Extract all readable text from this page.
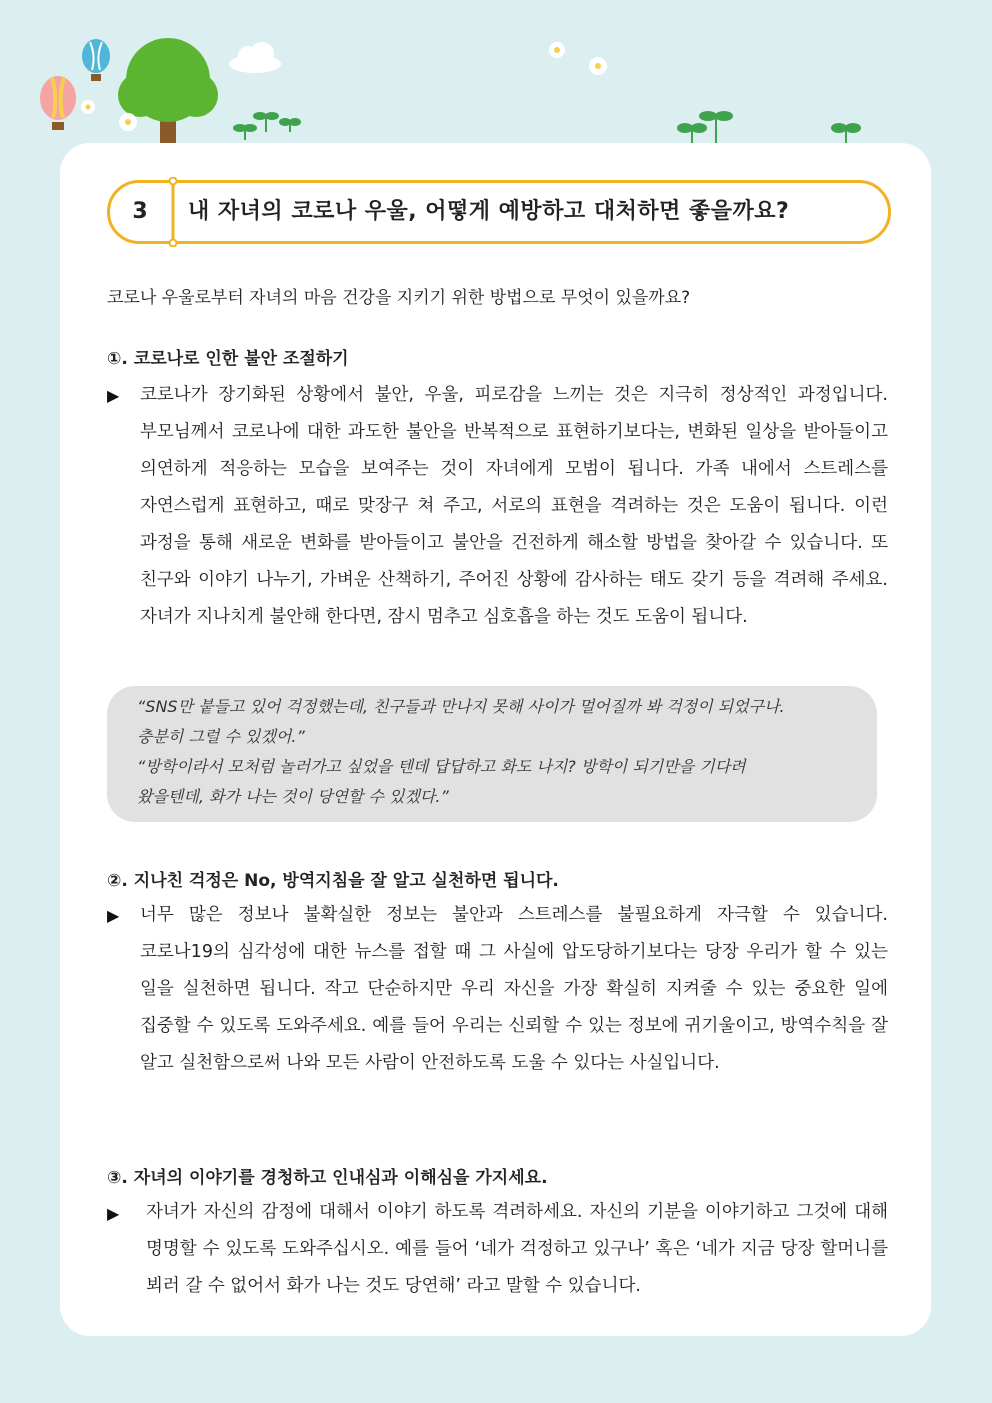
3	내 자녀의 코로나 우울, 어떻게 예방하고 대처하면 좋을까요?
코로나 우울로부터 자녀의 마음 건강을 지키기 위한 방법으로 무엇이 있을까요?
①. 코로나로 인한 불안 조절하기
▶ 코로나가 장기화된 상황에서 불안, 우울, 피로감을 느끼는 것은 지극히 정상적인 과정입니다. 부모님께서 코로나에 대한 과도한 불안을 반복적으로 표현하기보다는, 변화된 일상을 받아들이고 의연하게 적응하는 모습을 보여주는 것이 자녀에게 모범이 됩니다. 가족 내에서 스트레스를 자연스럽게 표현하고, 때로 맞장구 쳐 주고, 서로의 표현을 격려하는 것은 도움이 됩니다. 이런 과정을 통해 새로운 변화를 받아들이고 불안을 건전하게 해소할 방법을 찾아갈 수 있습니다. 또 친구와 이야기 나누기, 가벼운 산책하기, 주어진 상황에 감사하는 태도 갖기 등을 격려해 주세요. 자녀가 지나치게 불안해 한다면, 잠시 멈추고 심호흡을 하는 것도 도움이 됩니다.
“SNS만 붙들고 있어 걱정했는데, 친구들과 만나지 못해 사이가 멀어질까 봐 걱정이 되었구나.
충분히 그럴 수 있겠어.”
“방학이라서 모처럼 놀러가고 싶었을 텐데 답답하고 화도 나지? 방학이 되기만을 기다려
왔을텐데, 화가 나는 것이 당연할 수 있겠다.”
②. 지나친 걱정은 No, 방역지침을 잘 알고 실천하면 됩니다.
▶ 너무 많은 정보나 불확실한 정보는 불안과 스트레스를 불필요하게 자극할 수 있습니다. 코로나19의 심각성에 대한 뉴스를 접할 때 그 사실에 압도당하기보다는 당장 우리가 할 수 있는 일을 실천하면 됩니다. 작고 단순하지만 우리 자신을 가장 확실히 지켜줄 수 있는 중요한 일에 집중할 수 있도록 도와주세요. 예를 들어 우리는 신뢰할 수 있는 정보에 귀기울이고, 방역수칙을 잘 알고 실천함으로써 나와 모든 사람이 안전하도록 도울 수 있다는 사실입니다.
③. 자녀의 이야기를 경청하고 인내심과 이해심을 가지세요.
▶ 자녀가 자신의 감정에 대해서 이야기 하도록 격려하세요. 자신의 기분을 이야기하고 그것에 대해 명명할 수 있도록 도와주십시오. 예를 들어 ‘네가 걱정하고 있구나’ 혹은 ‘네가 지금 당장 할머니를 뵈러 갈 수 없어서 화가 나는 것도 당연해’ 라고 말할 수 있습니다.
